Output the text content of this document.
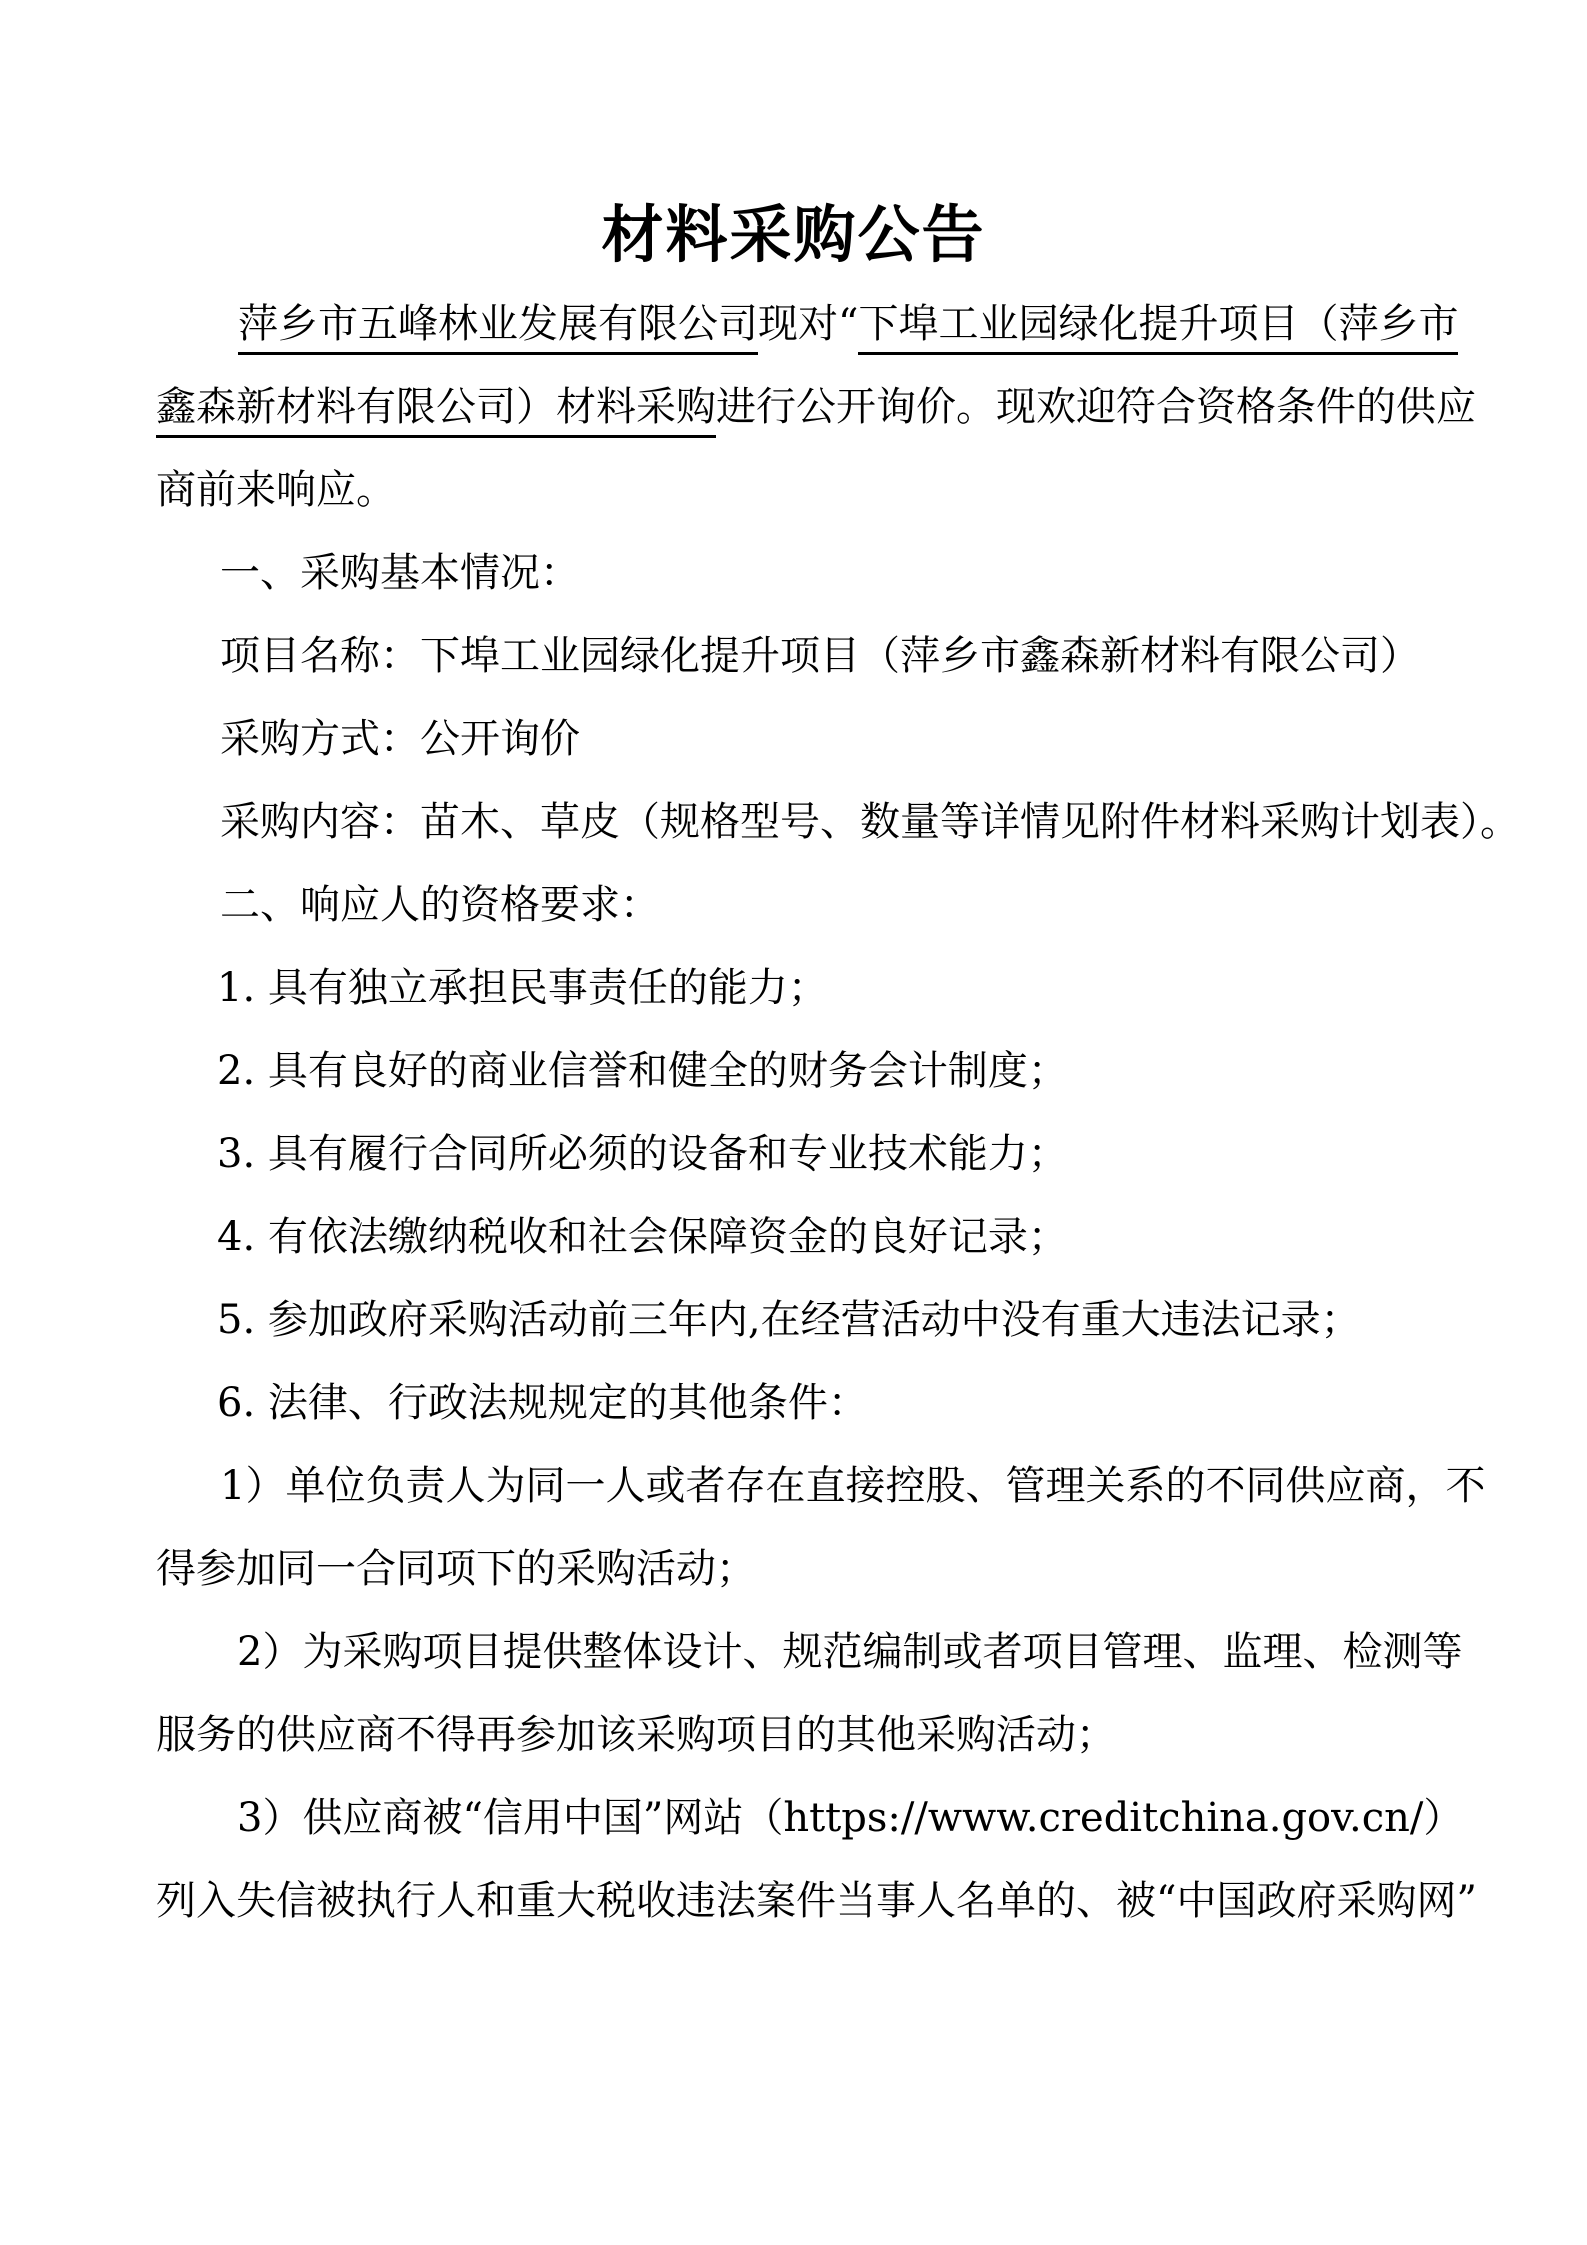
材料采购公告
萍乡市五峰林业发展有限公司现对“下埠工业园绿化提升项目（萍乡市
鑫森新材料有限公司）材料采购进行公开询价。现欢迎符合资格条件的供应
商前来响应。
一、采购基本情况：
项目名称：下埠工业园绿化提升项目（萍乡市鑫森新材料有限公司）
采购方式：公开询价
采购内容：苗木、草皮（规格型号、数量等详情见附件材料采购计划表）。
二、响应人的资格要求：
1. 具有独立承担民事责任的能力；
2. 具有良好的商业信誉和健全的财务会计制度；
3. 具有履行合同所必须的设备和专业技术能力；
4. 有依法缴纳税收和社会保障资金的良好记录；
5. 参加政府采购活动前三年内,在经营活动中没有重大违法记录；
6. 法律、行政法规规定的其他条件：
1）单位负责人为同一人或者存在直接控股、管理关系的不同供应商，不
得参加同一合同项下的采购活动；
2）为采购项目提供整体设计、规范编制或者项目管理、监理、检测等
服务的供应商不得再参加该采购项目的其他采购活动；
3）供应商被“信用中国”网站（https://www.creditchina.gov.cn/）
列入失信被执行人和重大税收违法案件当事人名单的、被“中国政府采购网”
